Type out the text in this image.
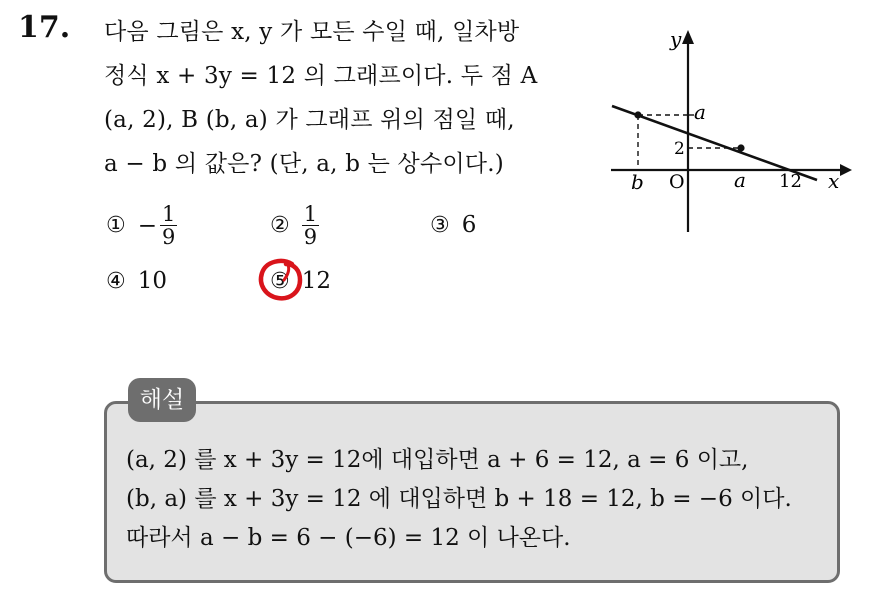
17. 다음 그림은 x, y 가 모든 수일 때, 일차방
정식 x + 3y = 12 의 그래프이다. 두 점 A
(a, 2), B (b, a) 가 그래프 위의 점일 때,
a − b 의 값은? (단, a, b 는 상수이다.)
y
x
O
b	a 12
a
2
① − $\frac{1}{9}$	② $\frac{1}{9}$	③ 6
④ 10	⑤ 12
해설
(a, 2) 를 x + 3y = 12에 대입하면 a + 6 = 12, a = 6 이고,
(b, a) 를 x + 3y = 12 에 대입하면 b + 18 = 12, b = −6 이다.
따라서 a − b = 6 − (−6) = 12 이 나온다.
